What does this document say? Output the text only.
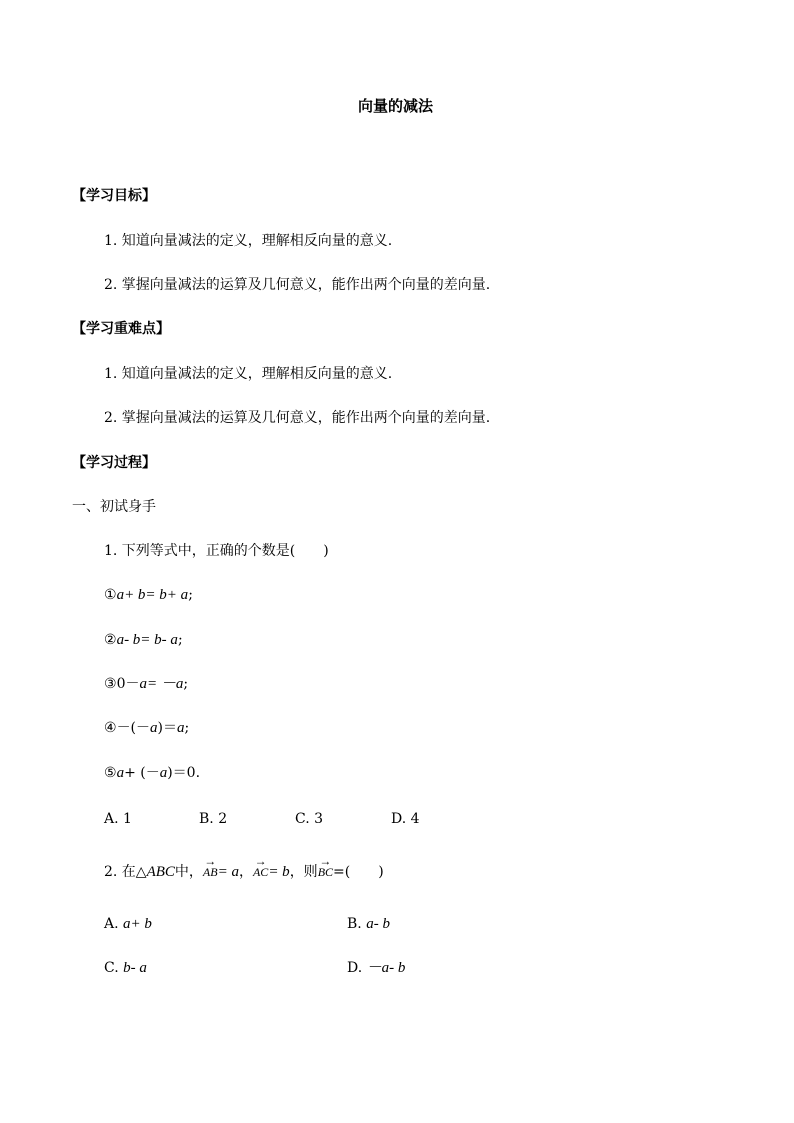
向量的减法
【学习目标】
1. 知道向量减法的定义，理解相反向量的意义.
2. 掌握向量减法的运算及几何意义，能作出两个向量的差向量.
【学习重难点】
1. 知道向量减法的定义，理解相反向量的意义.
2. 掌握向量减法的运算及几何意义，能作出两个向量的差向量.
【学习过程】
一、初试身手
1. 下列等式中，正确的个数是(　　)
①a+ b= b+ a;
②a- b= b- a;
③0－a= －a;
④－(－a)＝a;
⑤a+ (－a)＝0.
A. 1	B. 2	C. 3	D. 4
2. 在△ABC中，→ AB= a，→ AC= b，则→ BC=(　　)
A. a+ b	B. a- b
C. b- a	D. －a- b
